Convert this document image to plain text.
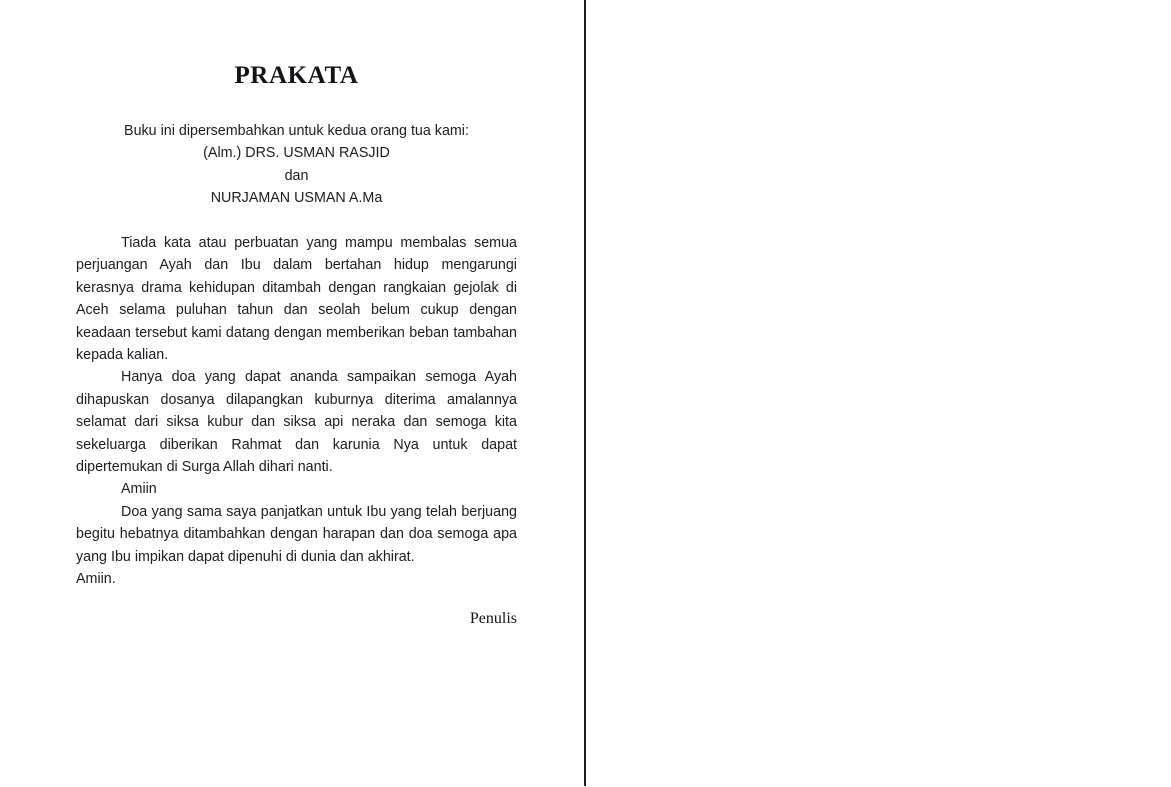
PRAKATA
Buku ini dipersembahkan untuk kedua orang tua kami:
(Alm.) DRS. USMAN RASJID
dan
NURJAMAN USMAN A.Ma

Tiada kata atau perbuatan yang mampu membalas semua perjuangan Ayah dan Ibu dalam bertahan hidup mengarungi kerasnya drama kehidupan ditambah dengan rangkaian gejolak di Aceh selama puluhan tahun dan seolah belum cukup dengan keadaan tersebut kami datang dengan memberikan beban tambahan kepada kalian.

Hanya doa yang dapat ananda sampaikan semoga Ayah dihapuskan dosanya dilapangkan kuburnya diterima amalannya selamat dari siksa kubur dan siksa api neraka dan semoga kita sekeluarga diberikan Rahmat dan karunia Nya untuk dapat dipertemukan di Surga Allah dihari nanti.

Amiin

Doa yang sama saya panjatkan untuk Ibu yang telah berjuang begitu hebatnya ditambahkan dengan harapan dan doa semoga apa yang Ibu impikan dapat dipenuhi di dunia dan akhirat.

Amiin.

Penulis
